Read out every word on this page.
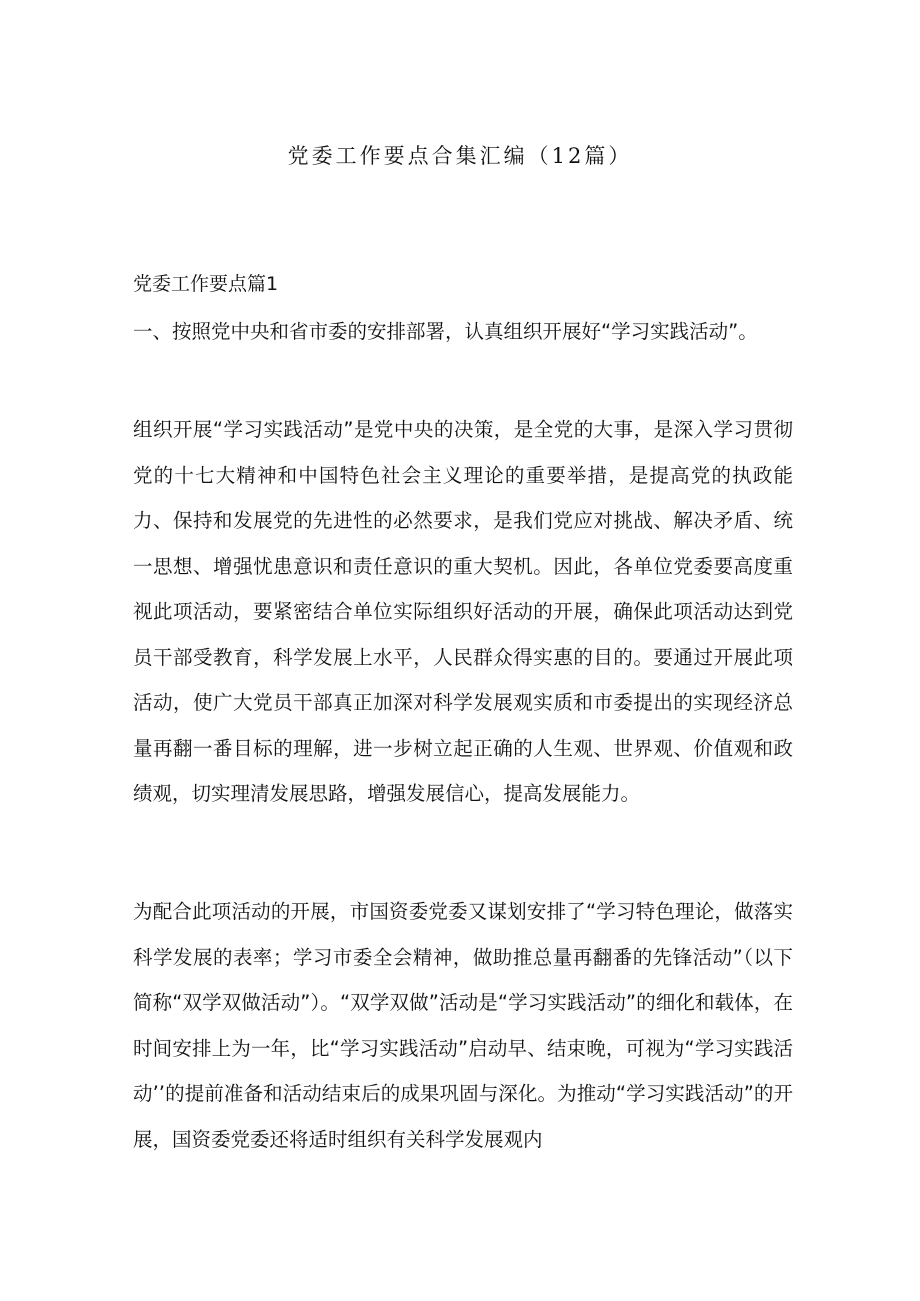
党委工作要点合集汇编（12篇）
党委工作要点篇1
一、按照党中央和省市委的安排部署，认真组织开展好“学习实践活动”。
组织开展“学习实践活动”是党中央的决策，是全党的大事，是深入学习贯彻党的十七大精神和中国特色社会主义理论的重要举措，是提高党的执政能力、保持和发展党的先进性的必然要求，是我们党应对挑战、解决矛盾、统一思想、增强忧患意识和责任意识的重大契机。因此，各单位党委要高度重视此项活动，要紧密结合单位实际组织好活动的开展，确保此项活动达到党员干部受教育，科学发展上水平，人民群众得实惠的目的。要通过开展此项活动，使广大党员干部真正加深对科学发展观实质和市委提出的实现经济总量再翻一番目标的理解，进一步树立起正确的人生观、世界观、价值观和政绩观，切实理清发展思路，增强发展信心，提高发展能力。
为配合此项活动的开展，市国资委党委又谋划安排了“学习特色理论，做落实科学发展的表率；学习市委全会精神，做助推总量再翻番的先锋活动”（以下简称“双学双做活动”）。“双学双做”活动是“学习实践活动”的细化和载体，在时间安排上为一年，比“学习实践活动”启动早、结束晚，可视为“学习实践活动’’的提前准备和活动结束后的成果巩固与深化。为推动“学习实践活动”的开展，国资委党委还将适时组织有关科学发展观内
